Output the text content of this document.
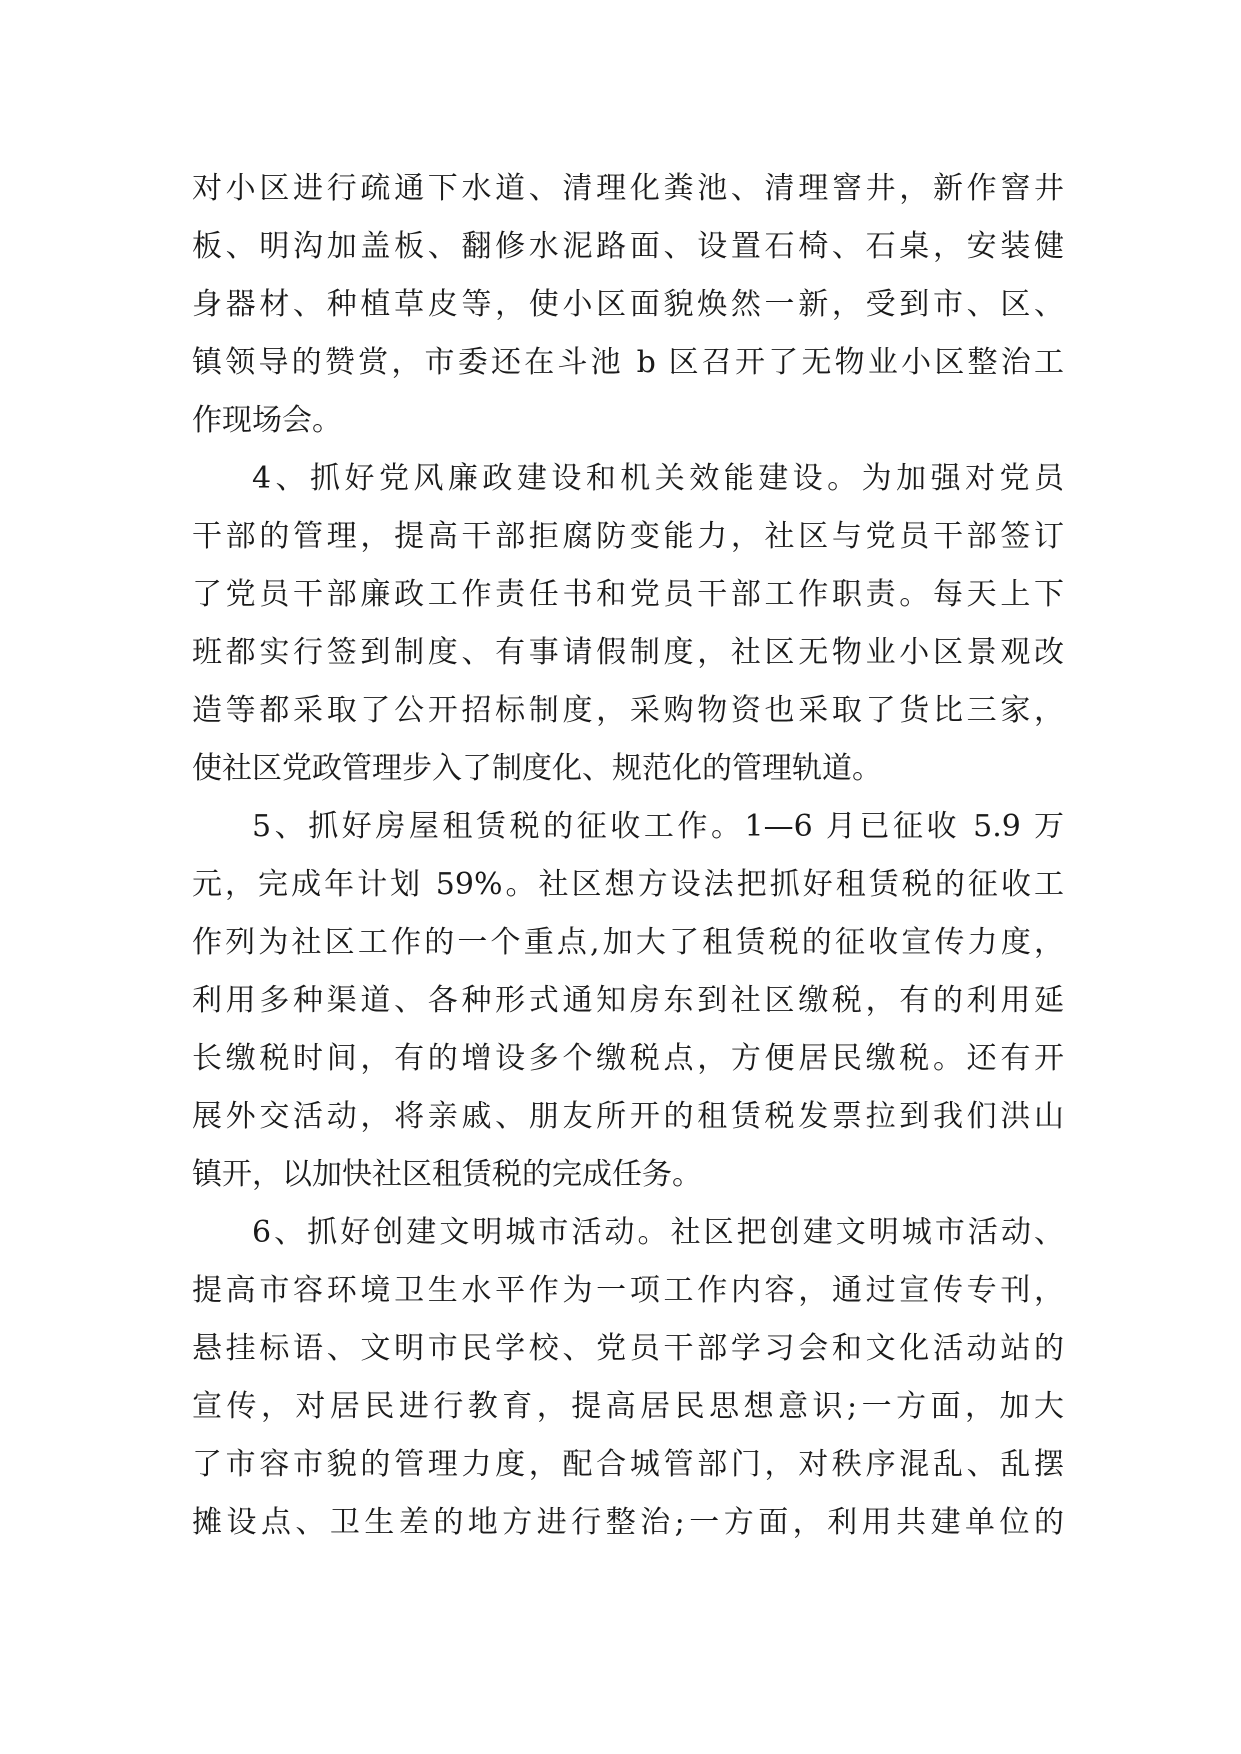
对小区进行疏通下水道、清理化粪池、清理窨井，新作窨井
板、明沟加盖板、翻修水泥路面、设置石椅、石桌，安装健
身器材、种植草皮等，使小区面貌焕然一新，受到市、区、
镇领导的赞赏，市委还在斗池 b 区召开了无物业小区整治工
作现场会。
4、抓好党风廉政建设和机关效能建设。为加强对党员
干部的管理，提高干部拒腐防变能力，社区与党员干部签订
了党员干部廉政工作责任书和党员干部工作职责。每天上下
班都实行签到制度、有事请假制度，社区无物业小区景观改
造等都采取了公开招标制度，采购物资也采取了货比三家，
使社区党政管理步入了制度化、规范化的管理轨道。
5、抓好房屋租赁税的征收工作。1—6 月已征收 5.9 万
元，完成年计划 59%。社区想方设法把抓好租赁税的征收工
作列为社区工作的一个重点,加大了租赁税的征收宣传力度，
利用多种渠道、各种形式通知房东到社区缴税，有的利用延
长缴税时间，有的增设多个缴税点，方便居民缴税。还有开
展外交活动，将亲戚、朋友所开的租赁税发票拉到我们洪山
镇开，以加快社区租赁税的完成任务。
6、抓好创建文明城市活动。社区把创建文明城市活动、
提高市容环境卫生水平作为一项工作内容，通过宣传专刊，
悬挂标语、文明市民学校、党员干部学习会和文化活动站的
宣传，对居民进行教育，提高居民思想意识;一方面，加大
了市容市貌的管理力度，配合城管部门，对秩序混乱、乱摆
摊设点、卫生差的地方进行整治;一方面，利用共建单位的
